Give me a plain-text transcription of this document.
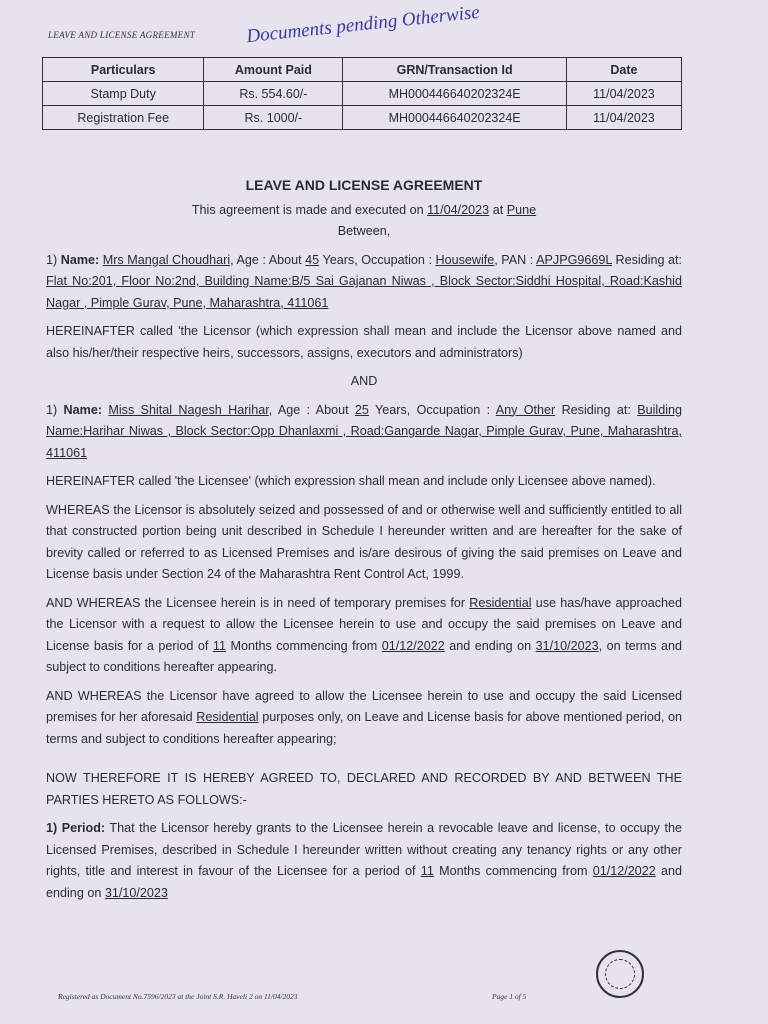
LEAVE AND LICENSE AGREEMENT	Documents pending Otherwise
Particulars	Amount Paid	GRN/Transaction Id	Date
Stamp Duty	Rs. 554.60/-	MH000446640202324E	11/04/2023
Registration Fee	Rs. 1000/-	MH000446640202324E	11/04/2023
LEAVE AND LICENSE AGREEMENT
This agreement is made and executed on 11/04/2023 at Pune
Between,

1) Name: Mrs Mangal Choudhari, Age : About 45 Years, Occupation : Housewife, PAN : APJPG9669L Residing at: Flat No:201, Floor No:2nd, Building Name:B/5 Sai Gajanan Niwas , Block Sector:Siddhi Hospital, Road:Kashid Nagar , Pimple Gurav, Pune, Maharashtra, 411061

HEREINAFTER called 'the Licensor (which expression shall mean and include the Licensor above named and also his/her/their respective heirs, successors, assigns, executors and administrators)

AND

1) Name: Miss Shital Nagesh Harihar, Age : About 25 Years, Occupation : Any Other Residing at: Building Name:Harihar Niwas , Block Sector:Opp Dhanlaxmi , Road:Gangarde Nagar, Pimple Gurav, Pune, Maharashtra, 411061

HEREINAFTER called 'the Licensee' (which expression shall mean and include only Licensee above named).

WHEREAS the Licensor is absolutely seized and possessed of and or otherwise well and sufficiently entitled to all that constructed portion being unit described in Schedule I hereunder written and are hereafter for the sake of brevity called or referred to as Licensed Premises and is/are desirous of giving the said premises on Leave and License basis under Section 24 of the Maharashtra Rent Control Act, 1999.

AND WHEREAS the Licensee herein is in need of temporary premises for Residential use has/have approached the Licensor with a request to allow the Licensee herein to use and occupy the said premises on Leave and License basis for a period of 11 Months commencing from 01/12/2022 and ending on 31/10/2023, on terms and subject to conditions hereafter appearing.

AND WHEREAS the Licensor have agreed to allow the Licensee herein to use and occupy the said Licensed premises for her aforesaid Residential purposes only, on Leave and License basis for above mentioned period, on terms and subject to conditions hereafter appearing;

NOW THEREFORE IT IS HEREBY AGREED TO, DECLARED AND RECORDED BY AND BETWEEN THE PARTIES HERETO AS FOLLOWS:-

1) Period: That the Licensor hereby grants to the Licensee herein a revocable leave and license, to occupy the Licensed Premises, described in Schedule I hereunder written without creating any tenancy rights or any other rights, title and interest in favour of the Licensee for a period of 11 Months commencing from 01/12/2022 and ending on 31/10/2023

Registered as Document No.7596/2023 at the Joint S.R. Haveli 2 on 11/04/2023	Page 1 of 5
